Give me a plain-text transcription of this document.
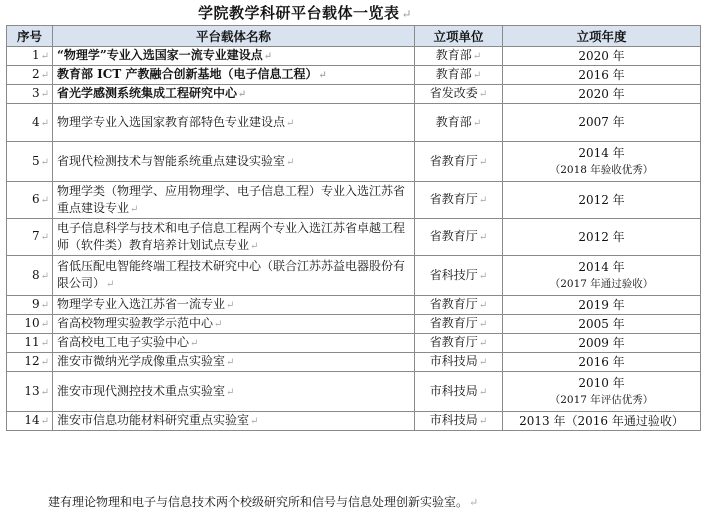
学院教学科研平台载体一览表 ↵
序号	平台载体名称	立项单位	立项年度
1↵	“物理学”专业入选国家一流专业建设点↵	教育部↵	2020 年
2↵	教育部 ICT 产教融合创新基地（电子信息工程）↵	教育部↵	2016 年
3↵	省光学感测系统集成工程研究中心↵	省发改委↵	2020 年
4↵	物理学专业入选国家教育部特色专业建设点↵	教育部↵	2007 年
5↵	省现代检测技术与智能系统重点建设实验室↵	省教育厅↵	2014 年
（2018 年验收优秀）

6↵	物理学类（物理学、应用物理学、电子信息工程）专业入选江苏省重点建设专业↵	省教育厅↵	2012 年
7↵	电子信息科学与技术和电子信息工程两个专业入选江苏省卓越工程师（软件类）教育培养计划试点专业↵	省教育厅↵	2012 年
8↵	省低压配电智能终端工程技术研究中心（联合江苏苏益电器股份有限公司）↵	省科技厅↵	2014 年
（2017 年通过验收）

9↵	物理学专业入选江苏省一流专业↵	省教育厅↵	2019 年
10↵	省高校物理实验教学示范中心↵	省教育厅↵	2005 年
11↵	省高校电工电子实验中心↵	省教育厅↵	2009 年
12↵	淮安市微纳光学成像重点实验室↵	市科技局↵	2016 年
13↵	淮安市现代测控技术重点实验室↵	市科技局↵	2010 年
（2017 年评估优秀）

14↵	淮安市信息功能材料研究重点实验室↵	市科技局↵	2013 年（2016 年通过验收）
建有理论物理和电子与信息技术两个校级研究所和信号与信息处理创新实验室。↵
